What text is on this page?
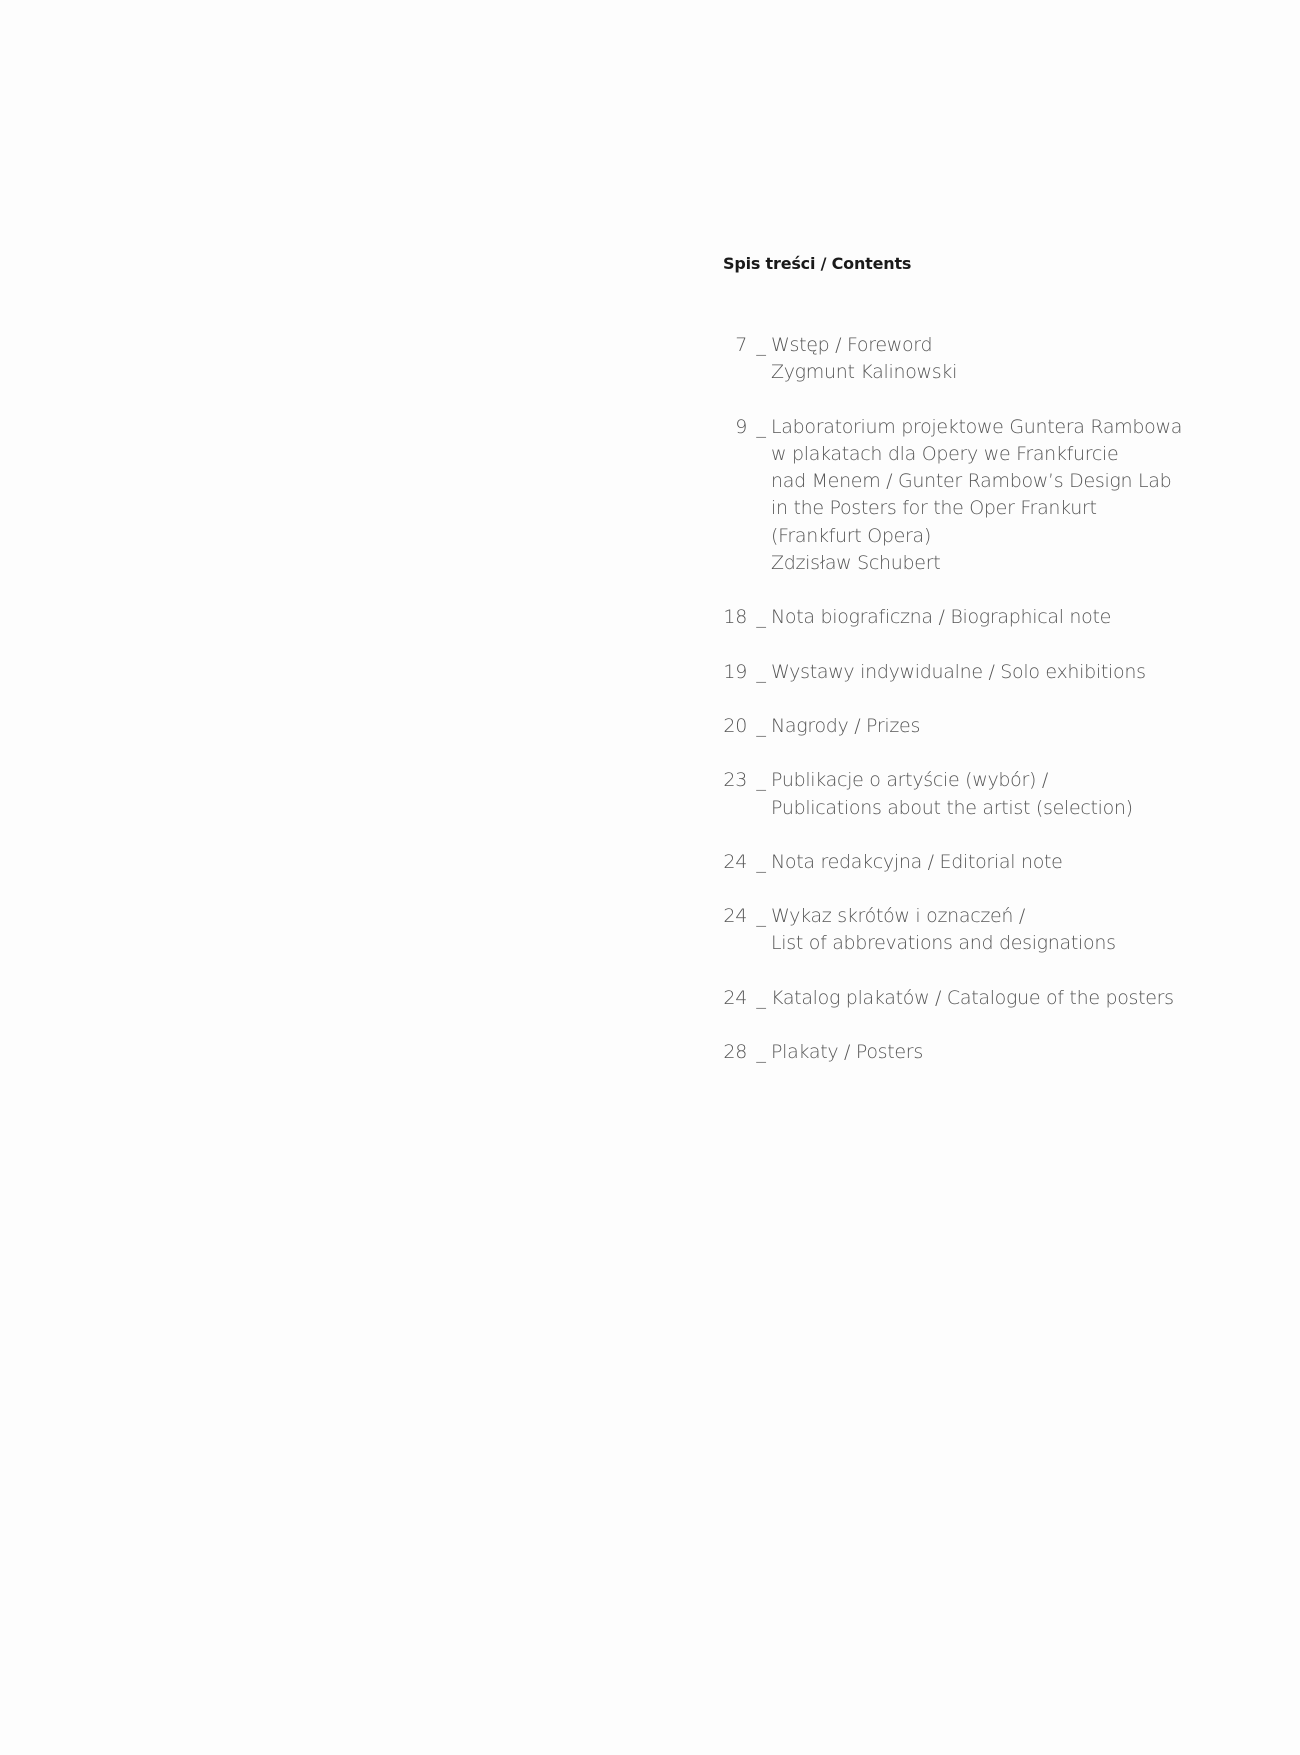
Spis treści / Contents
7 _ Wstęp / Foreword
Zygmunt Kalinowski
9 _ Laboratorium projektowe Guntera Rambowa
w plakatach dla Opery we Frankfurcie
nad Menem / Gunter Rambow’s Design Lab
in the Posters for the Oper Frankurt
(Frankfurt Opera)
Zdzisław Schubert
18 _ Nota biograficzna / Biographical note
19 _ Wystawy indywidualne / Solo exhibitions
20 _ Nagrody / Prizes
23 _ Publikacje o artyście (wybór) /
Publications about the artist (selection)
24 _ Nota redakcyjna / Editorial note
24 _ Wykaz skrótów i oznaczeń /
List of abbrevations and designations
24 _ Katalog plakatów / Catalogue of the posters
28 _ Plakaty / Posters
